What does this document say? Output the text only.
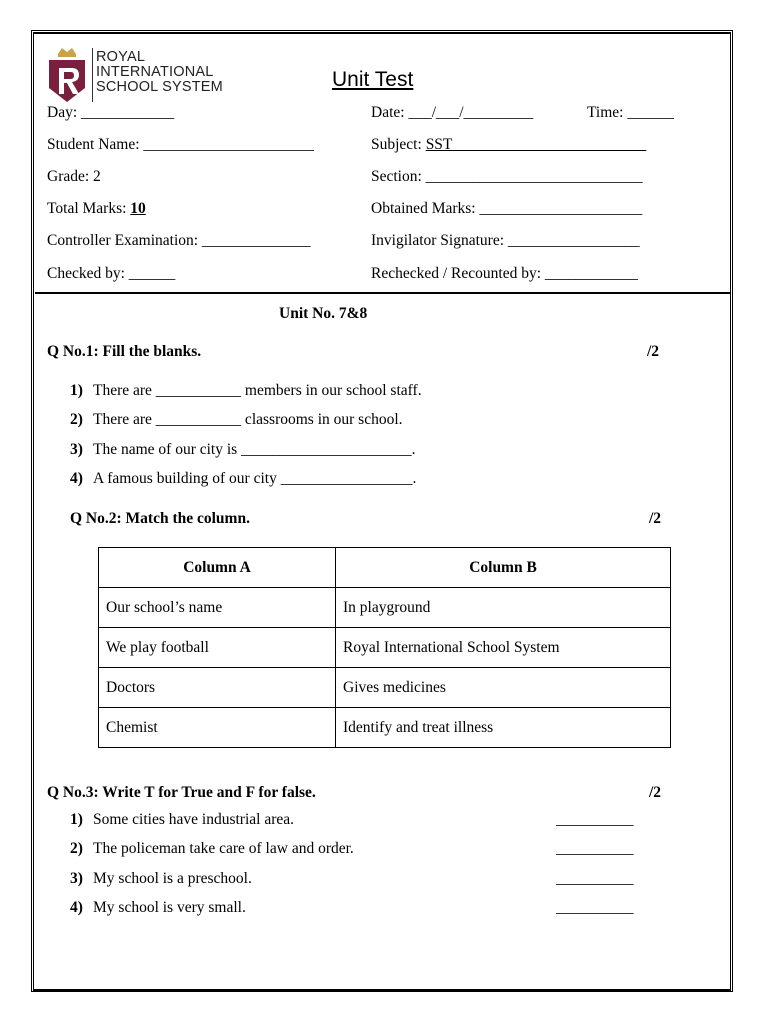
ROYAL
INTERNATIONAL
SCHOOL SYSTEM	Unit Test
Day: ____________	Date: ___/___/_________	Time: ______
Student Name: ______________________	Subject: SST_________________________
Grade: 2	Section: ____________________________
Total Marks: 10	Obtained Marks: _____________________
Controller Examination: ______________	Invigilator Signature: _________________
Checked by: ______	Rechecked / Recounted by: ____________
Unit No. 7&8
Q No.1: Fill the blanks.	/2
1) There are ___________ members in our school staff.
2) There are ___________ classrooms in our school.
3) The name of our city is ______________________.
4) A famous building of our city _________________.
Q No.2: Match the column.	/2
Column A	Column B
Our school’s name	In playground
We play football	Royal International School System
Doctors	Gives medicines
Chemist	Identify and treat illness
Q No.3: Write T for True and F for false.	/2
1) Some cities have industrial area.	__________
2) The policeman take care of law and order.	__________
3) My school is a preschool.	__________
4) My school is very small.	__________
